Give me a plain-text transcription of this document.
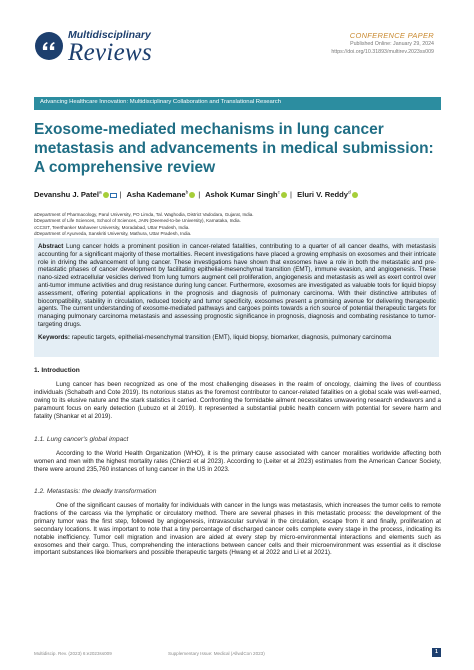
Multidisciplinary
Reviews
CONFERENCE PAPER
Published Online: January 29, 2024
https://doi.org/10.31893/multirev.2023ss009
Advancing Healthcare Innovation: Multidisciplinary Collaboration and Translational Research
Exosome-mediated mechanisms in lung cancer metastasis and advancements in medical submission: A comprehensive review
Devanshu J. Patel$^a$ | Asha Kademane$^b$ | Ashok Kumar Singh$^c$ | Eluri V. Reddy$^d$
aDepartment of Pharmacology, Parul University, PO Limda, Tal. Waghodia, District Vadodara, Gujarat, India.
bDepartment of Life Sciences, School of Sciences, JAIN (Deemed-to-be University), Karnataka, India.
cCCSIT, Teerthanker Mahaveer University, Moradabad, Uttar Pradesh, India.
dDepartment of Ayurveda, Sanskriti University, Mathura, Uttar Pradesh, India.

Abstract Lung cancer holds a prominent position in cancer-related fatalities, contributing to a quarter of all cancer deaths, with metastasis accounting for a significant majority of these mortalities. Recent investigations have placed a growing emphasis on exosomes and their intricate role in driving the advancement of lung cancer. These investigations have shown that exosomes have a role in both the metastatic and pre-metastatic phases of cancer development by facilitating epithelial-mesenchymal transition (EMT), immune evasion, and angiogenesis. These nano-sized extracellular vesicles derived from lung tumors augment cell proliferation, angiogenesis and metastasis as well as exert control over anti-tumor immune activities and drug resistance during lung cancer. Furthermore, exosomes are investigated as valuable tools for liquid biopsy assessment, offering potential applications in the prognosis and diagnosis of pulmonary carcinoma. With their distinctive attributes of biocompatibility, stability in circulation, reduced toxicity and tumor specificity, exosomes present a promising avenue for delivering therapeutic agents. The current understanding of exosome-mediated pathways and cargoes points towards a rich source of potential therapeutic targets for managing pulmonary carcinoma metastasis and assessing prognostic significance in prognosis, diagnosis and combating resistance to tumor-targeting drugs.

Keywords: rapeutic targets, epithelial-mesenchymal transition (EMT), liquid biopsy, biomarker, diagnosis, pulmonary carcinoma

1. Introduction

Lung cancer has been recognized as one of the most challenging diseases in the realm of oncology, claiming the lives of countless individuals (Schabath and Cote 2019). Its notorious status as the foremost contributor to cancer-related fatalities on a global scale was well-earned, owing to its elusive nature and the stark statistics it carried. Confronting the formidable ailment necessitates unwavering research endeavors and a paramount focus on early detection (Lubuzo et al 2019). It represented a substantial public health concern with potential for severe harm and fatality (Shankar et al 2019).

1.1. Lung cancer's global impact

According to the World Health Organization (WHO), it is the primary cause associated with cancer moralities worldwide affecting both women and men with the highest mortality rates (Chierzi et al 2023). According to (Leiter et al 2023) estimates from the American Cancer Society, there were around 235,760 instances of lung cancer in the US in 2023.

1.2. Metastasis: the deadly transformation

One of the significant causes of mortality for individuals with cancer in the lungs was metastasis, which increases the tumor cells to remote fractions of the carcass via the lymphatic or circulatory method. There are several phases in this metastatic process: the development of the primary tumor was the first step, followed by angiogenesis, intravascular survival in the circulation, escape from it and finally, proliferation at secondary locations. It was important to note that a tiny percentage of discharged cancer cells complete every stage in the process, indicating its notable inefficiency. Tumor cell migration and invasion are aided at every step by micro-environmental interactions and elements such as exosomes and their cargo. Thus, comprehending the interactions between cancer cells and their microenvironment was essential as it disclose important substances like biomarkers and possible therapeutic targets (Hwang et al 2022 and Li et al 2021).

Multidiscip. Rev. (2023) 6:e2023ss009	Supplementary Issue: Medical (AllwdCon 2023)	1
